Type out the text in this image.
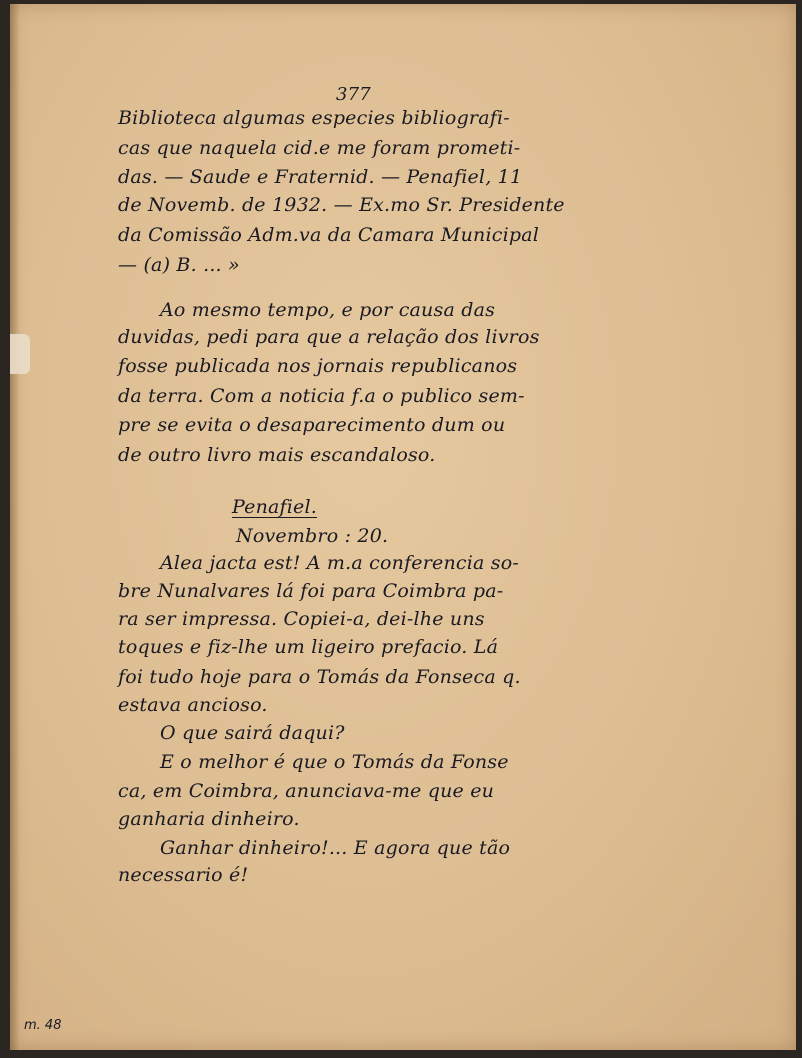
377
Biblioteca algumas especies bibliografi-
cas que naquela cid.e me foram prometi-
das. — Saude e Fraternid. — Penafiel, 11
de Novemb. de 1932. — Ex.mo Sr. Presidente
da Comissão Adm.va da Camara Municipal
— (a) B. ... »
Ao mesmo tempo, e por causa das
duvidas, pedi para que a relação dos livros
fosse publicada nos jornais republicanos
da terra. Com a noticia f.a o publico sem-
pre se evita o desaparecimento dum ou
de outro livro mais escandaloso.
Penafiel.
Novembro : 20.
Alea jacta est! A m.a conferencia so-
bre Nunalvares lá foi para Coimbra pa-
ra ser impressa. Copiei-a, dei-lhe uns
toques e fiz-lhe um ligeiro prefacio. Lá
foi tudo hoje para o Tomás da Fonseca q.
estava ancioso.
O que sairá daqui?
E o melhor é que o Tomás da Fonse
ca, em Coimbra, anunciava-me que eu
ganharia dinheiro.
Ganhar dinheiro!... E agora que tão
necessario é!
m. 48
